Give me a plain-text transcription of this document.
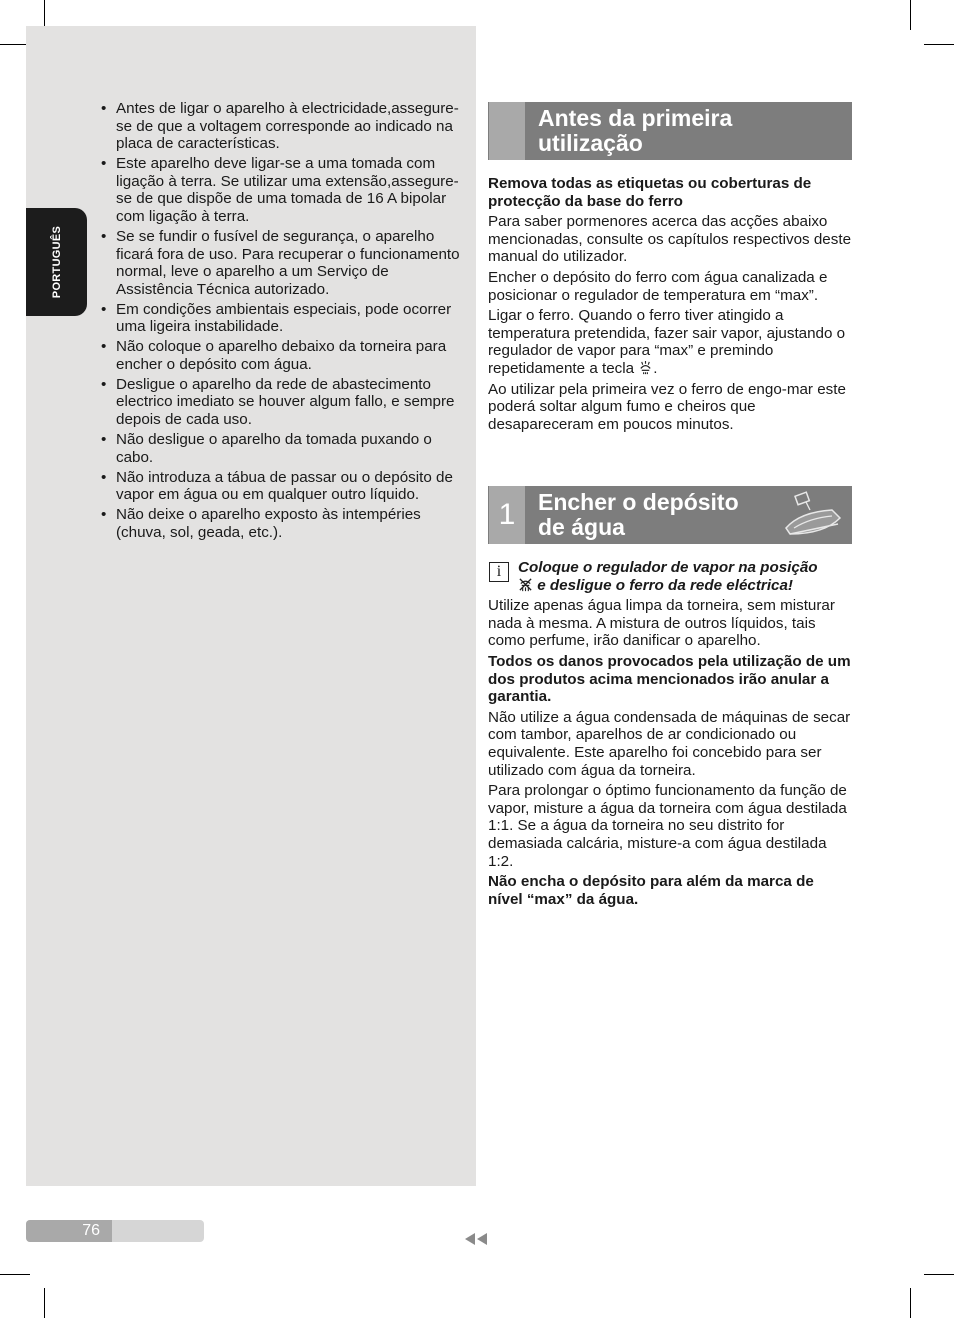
PORTUGUÊS
• Antes de ligar o aparelho à electricidade,assegure-se de que a voltagem corresponde ao indicado na placa de características.
• Este aparelho deve ligar-se a uma tomada com ligação à terra. Se utilizar uma extensão,assegure-se de que dispõe de uma tomada de 16 A bipolar com ligação à terra.
• Se se fundir o fusível de segurança, o aparelho ficará fora de uso. Para recuperar o funcionamento normal, leve o aparelho a um Serviço de Assistência Técnica autorizado.
• Em condições ambientais especiais, pode ocorrer uma ligeira instabilidade.
• Não coloque o aparelho debaixo da torneira para encher o depósito com água.
• Desligue o aparelho da rede de abastecimento electrico imediato se houver algum fallo, e sempre depois de cada uso.
• Não desligue o aparelho da tomada puxando o cabo.
• Não introduza a tábua de passar ou o depósito de vapor em água ou em qualquer outro líquido.
• Não deixe o aparelho exposto às intempéries (chuva, sol, geada, etc.).
Antes da primeira
utilização

Remova todas as etiquetas ou coberturas de protecção da base do ferro

Para saber pormenores acerca das acções abaixo mencionadas, consulte os capítulos respectivos deste manual do utilizador.

Encher o depósito do ferro com água canalizada e posicionar o regulador de temperatura em “max”.

Ligar o ferro. Quando o ferro tiver atingido a temperatura pretendida, fazer sair vapor, ajustando o regulador de vapor para “max” e premindo repetidamente a tecla .

Ao utilizar pela primeira vez o ferro de engo-mar este poderá soltar algum fumo e cheiros que desapareceram em poucos minutos.

1 Encher o depósito
de água
i	Coloque o regulador de vapor na posição
e desligue o ferro da rede eléctrica!

Utilize apenas água limpa da torneira, sem misturar nada à mesma. A mistura de outros líquidos, tais como perfume, irão danificar o aparelho.

Todos os danos provocados pela utilização de um dos produtos acima mencionados irão anular a garantia.

Não utilize a água condensada de máquinas de secar com tambor, aparelhos de ar condicionado ou equivalente. Este aparelho foi concebido para ser utilizado com água da torneira.

Para prolongar o óptimo funcionamento da função de vapor, misture a água da torneira com água destilada 1:1. Se a água da torneira no seu distrito for demasiada calcária, misture-a com água destilada 1:2.

Não encha o depósito para além da marca de nível “max” da água.

76
